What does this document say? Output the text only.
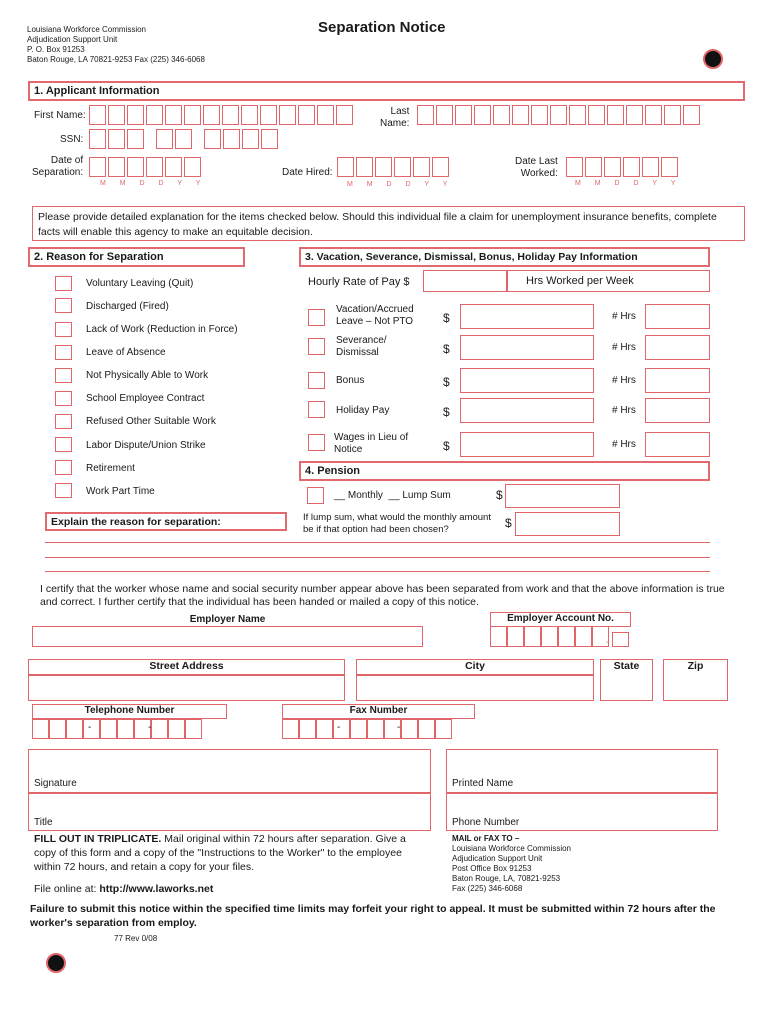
Louisiana Workforce Commission
Adjudication Support Unit
P. O. Box 91253
Baton Rouge, LA 70821-9253 Fax (225) 346-6068
Separation Notice
1. Applicant Information
First Name:	Last
Name:
SSN:
Date of
Separation:
M M D D Y Y
Date Hired:
M M D D Y Y
Date Last
Worked:
M M D D Y Y
Please provide detailed explanation for the items checked below. Should this individual file a claim for unemployment insurance benefits, complete facts will enable this agency to make an equitable decision.
2. Reason for Separation
Voluntary Leaving (Quit)
Discharged (Fired)
Lack of Work (Reduction in Force)
Leave of Absence
Not Physically Able to Work
School Employee Contract
Refused Other Suitable Work
Labor Dispute/Union Strike
Retirement
Work Part Time
Explain the reason for separation:
3. Vacation, Severance, Dismissal, Bonus, Holiday Pay Information
Hourly Rate of Pay $	Hrs Worked per Week
Vacation/Accrued
Leave – Not PTO $	# Hrs
Severance/
Dismissal	$	# Hrs
Bonus	$	# Hrs
Holiday Pay	$	# Hrs
Wages in Lieu of
Notice	$	# Hrs
4. Pension
__ Monthly  __ Lump Sum	$
If lump sum, what would the monthly amount
be if that option had been chosen?	$
I certify that the worker whose name and social security number appear above has been separated from work and that the above information is true and correct. I further certify that the individual has been handed or mailed a copy of this notice.
Employer Name	Employer Account No.
-
Street Address	City	State	Zip
Telephone Number
-	-
Fax Number
-	-
Signature	Printed Name
Title	Phone Number
FILL OUT IN TRIPLICATE. Mail original within 72 hours after separation. Give a copy of this form and a copy of the "Instructions to the Worker" to the employee within 72 hours, and retain a copy for your files.
File online at: http://www.laworks.net
MAIL or FAX TO –
Louisiana Workforce Commission
Adjudication Support Unit
Post Office Box 91253
Baton Rouge, LA, 70821-9253
Fax (225) 346-6068
Failure to submit this notice within the specified time limits may forfeit your right to appeal. It must be submitted within 72 hours after the worker's separation from employ.
77 Rev 0/08
